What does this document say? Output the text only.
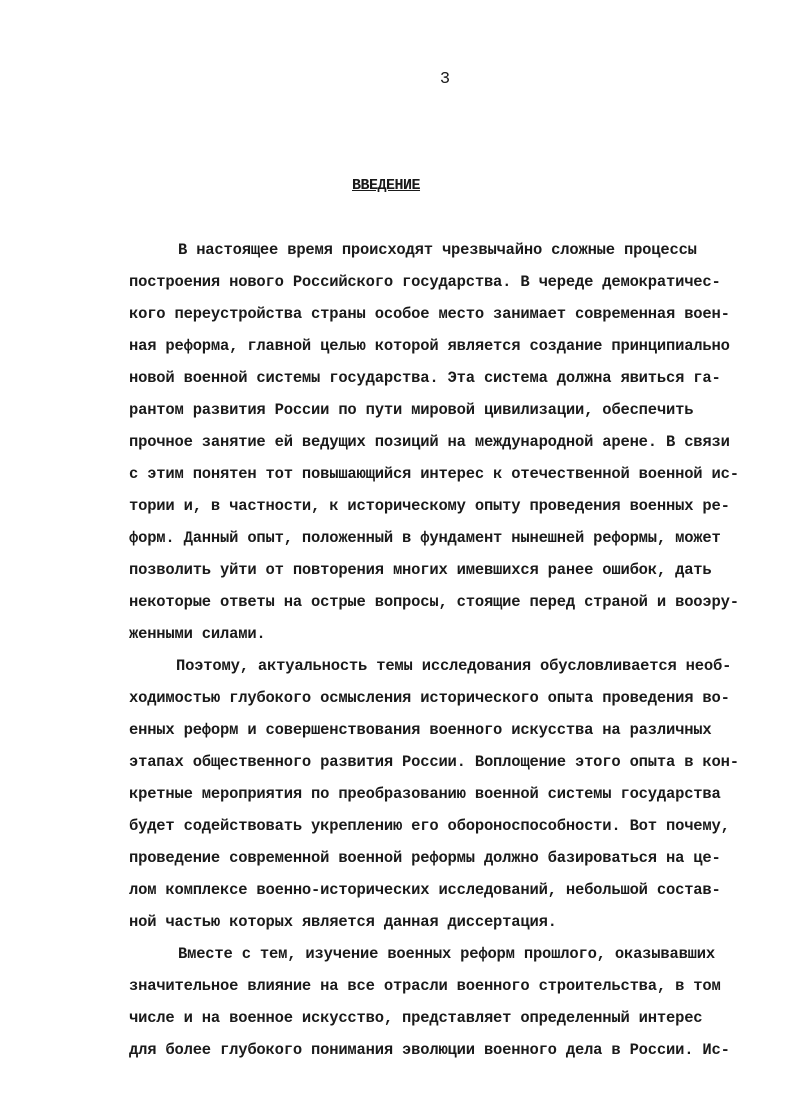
3
ВВЕДЕНИЕ
В настоящее время происходят чрезвычайно сложные процессы
построения нового Российского государства. В череде демократичес-
кого переустройства страны особое место занимает современная воен-
ная реформа, главной целью которой является создание принципиально
новой военной системы государства. Эта система должна явиться га-
рантом развития России по пути мировой цивилизации, обеспечить
прочное занятие ей ведущих позиций на международной арене. В связи
с этим понятен тот повышающийся интерес к отечественной военной ис-
тории и, в частности, к историческому опыту проведения военных ре-
форм. Данный опыт, положенный в фундамент нынешней реформы, может
позволить уйти от повторения многих имевшихся ранее ошибок, дать
некоторые ответы на острые вопросы, стоящие перед страной и вооэру-
женными силами.
Поэтому, актуальность темы исследования обусловливается необ-
ходимостью глубокого осмысления исторического опыта проведения во-
енных реформ и совершенствования военного искусства на различных
этапах общественного развития России. Воплощение этого опыта в кон-
кретные мероприятия по преобразованию военной системы государства
будет содействовать укреплению его обороноспособности. Вот почему,
проведение современной военной реформы должно базироваться на це-
лом комплексе военно-исторических исследований, небольшой состав-
ной частью которых является данная диссертация.
Вместе с тем, изучение военных реформ прошлого, оказывавших
значительное влияние на все отрасли военного строительства, в том
числе и на военное искусство, представляет определенный интерес
для более глубокого понимания эволюции военного дела в России. Ис-
